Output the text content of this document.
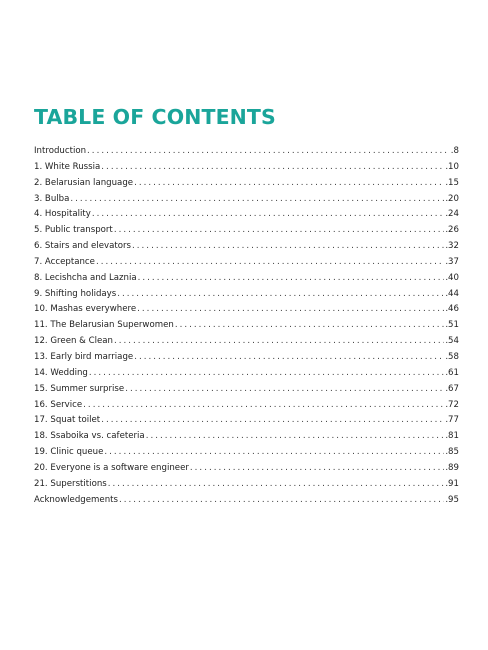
TABLE OF CONTENTS
Introduction . . .	.8
1. White Russia . . .	.10
2. Belarusian language . . .	.15
3. Bulba . . .	.20
4. Hospitality . . .	.24
5. Public transport . . .	.26
6. Stairs and elevators . . .	.32
7. Acceptance . . .	.37
8. Lecishcha and Laznia . . .	.40
9. Shifting holidays . . .	.44
10. Mashas everywhere . . .	.46
11. The Belarusian Superwomen . . .	.51
12. Green & Clean . . .	.54
13. Early bird marriage . . .	.58
14. Wedding . . .	.61
15. Summer surprise . . .	.67
16. Service . . .	.72
17. Squat toilet . . .	.77
18. Ssaboika vs. cafeteria . . .	.81
19. Clinic queue . . .	.85
20. Everyone is a software engineer . . .	.89
21. Superstitions . . .	.91
Acknowledgements . . .	.95
